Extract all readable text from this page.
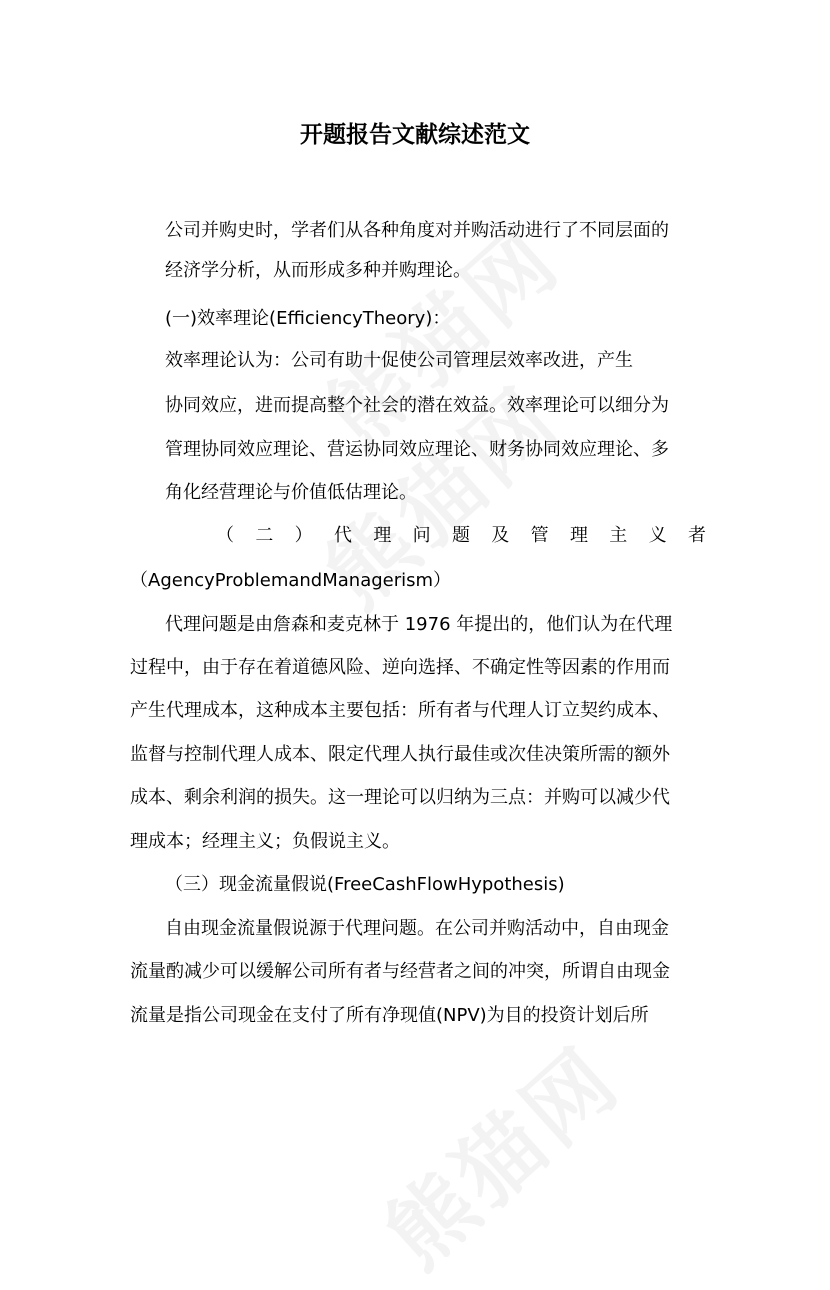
开题报告文献综述范文

公司并购史时，学者们从各种角度对并购活动进行了不同层面的

经济学分析，从而形成多种并购理论。

(一)效率理论(EfficiencyTheory)：

效率理论认为：公司有助十促使公司管理层效率改进，产生

协同效应，进而提高整个社会的潜在效益。效率理论可以细分为

管理协同效应理论、营运协同效应理论、财务协同效应理论、多

角化经营理论与价值低估理论。

（ 二 ） 代 理 问 题 及 管 理 主 义 者

（AgencyProblemandManagerism）

代理问题是由詹森和麦克林于 1976 年提出的，他们认为在代理

过程中，由于存在着道德风险、逆向选择、不确定性等因素的作用而

产生代理成本，这种成本主要包括：所有者与代理人订立契约成本、

监督与控制代理人成本、限定代理人执行最佳或次佳决策所需的额外

成本、剩余利润的损失。这一理论可以归纳为三点：并购可以减少代

理成本；经理主义；负假说主义。

（三）现金流量假说(FreeCashFlowHypothesis)

自由现金流量假说源于代理问题。在公司并购活动中，自由现金

流量酌减少可以缓解公司所有者与经营者之间的冲突，所谓自由现金

流量是指公司现金在支付了所有净现值(NPV)为目的投资计划后所
